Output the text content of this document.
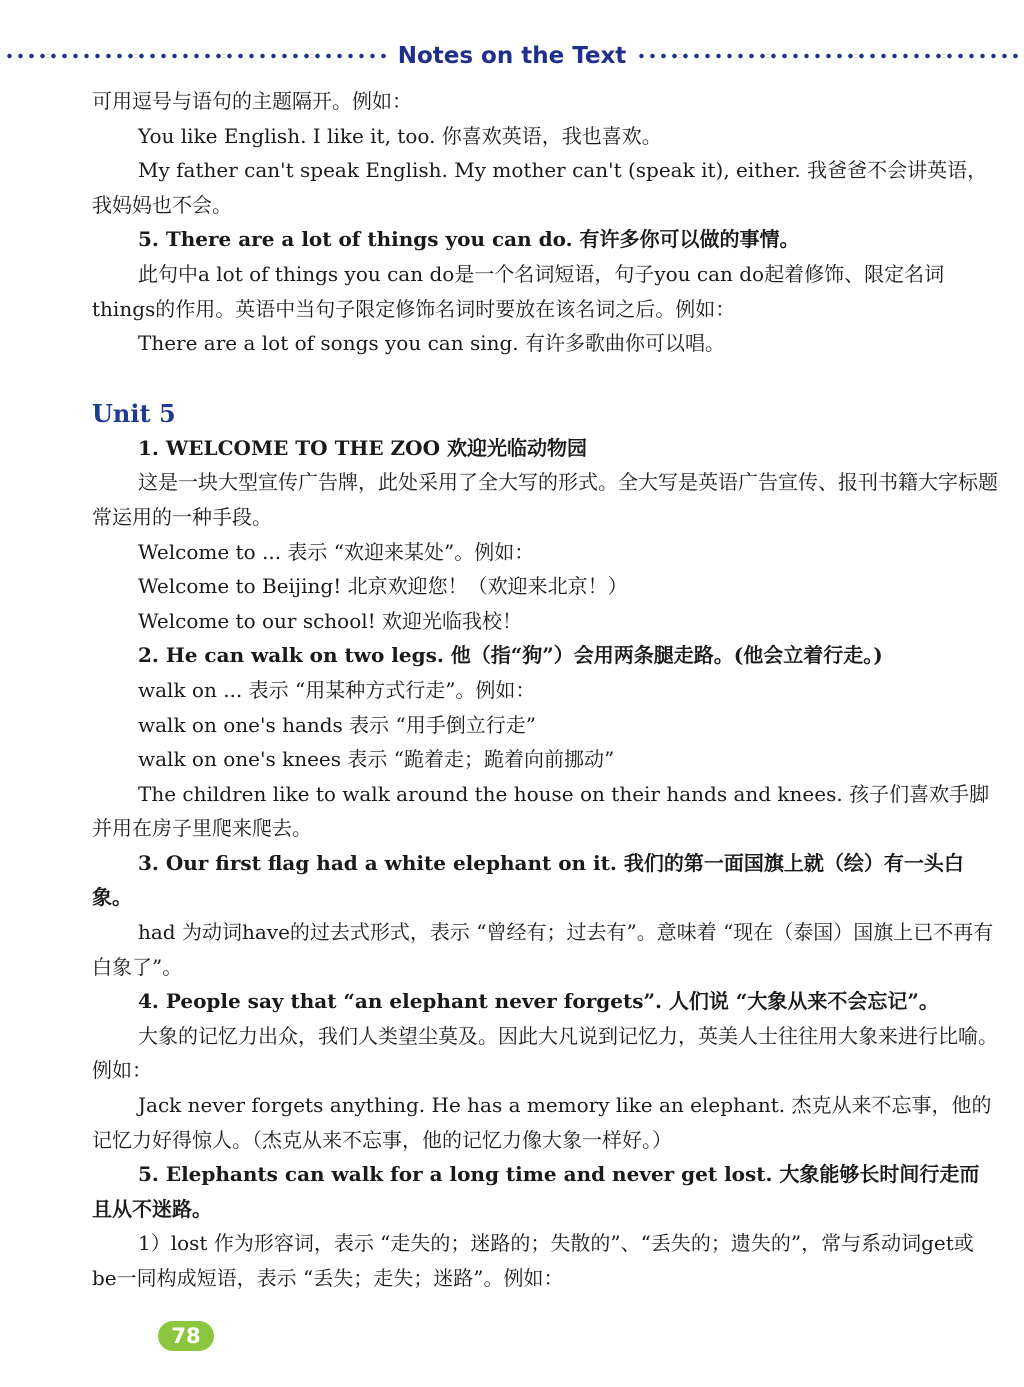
Notes on the Text

可用逗号与语句的主题隔开。例如：

You like English. I like it, too. 你喜欢英语，我也喜欢。

My father can't speak English. My mother can't (speak it), either. 我爸爸不会讲英语，我妈妈也不会。

5. There are a lot of things you can do. 有许多你可以做的事情。

此句中a lot of things you can do是一个名词短语，句子you can do起着修饰、限定名词things的作用。英语中当句子限定修饰名词时要放在该名词之后。例如：

There are a lot of songs you can sing. 有许多歌曲你可以唱。

Unit 5

1. WELCOME TO THE ZOO 欢迎光临动物园

这是一块大型宣传广告牌，此处采用了全大写的形式。全大写是英语广告宣传、报刊书籍大字标题常运用的一种手段。

Welcome to ... 表示 “欢迎来某处”。例如：

Welcome to Beijing! 北京欢迎您！（欢迎来北京！）

Welcome to our school! 欢迎光临我校！

2. He can walk on two legs. 他（指“狗”）会用两条腿走路。(他会立着行走。)

walk on ... 表示 “用某种方式行走”。例如：

walk on one's hands 表示 “用手倒立行走”

walk on one's knees 表示 “跪着走；跪着向前挪动”

The children like to walk around the house on their hands and knees. 孩子们喜欢手脚并用在房子里爬来爬去。

3. Our first flag had a white elephant on it. 我们的第一面国旗上就（绘）有一头白象。

had 为动词have的过去式形式，表示 “曾经有；过去有”。意味着 “现在（泰国）国旗上已不再有白象了”。

4. People say that “an elephant never forgets”. 人们说 “大象从来不会忘记”。

大象的记忆力出众，我们人类望尘莫及。因此大凡说到记忆力，英美人士往往用大象来进行比喻。例如：

Jack never forgets anything. He has a memory like an elephant. 杰克从来不忘事，他的记忆力好得惊人。（杰克从来不忘事，他的记忆力像大象一样好。）

5. Elephants can walk for a long time and never get lost. 大象能够长时间行走而且从不迷路。

1）lost 作为形容词，表示 “走失的；迷路的；失散的”、“丢失的；遗失的”，常与系动词get或be一同构成短语，表示 “丢失；走失；迷路”。例如：

78
